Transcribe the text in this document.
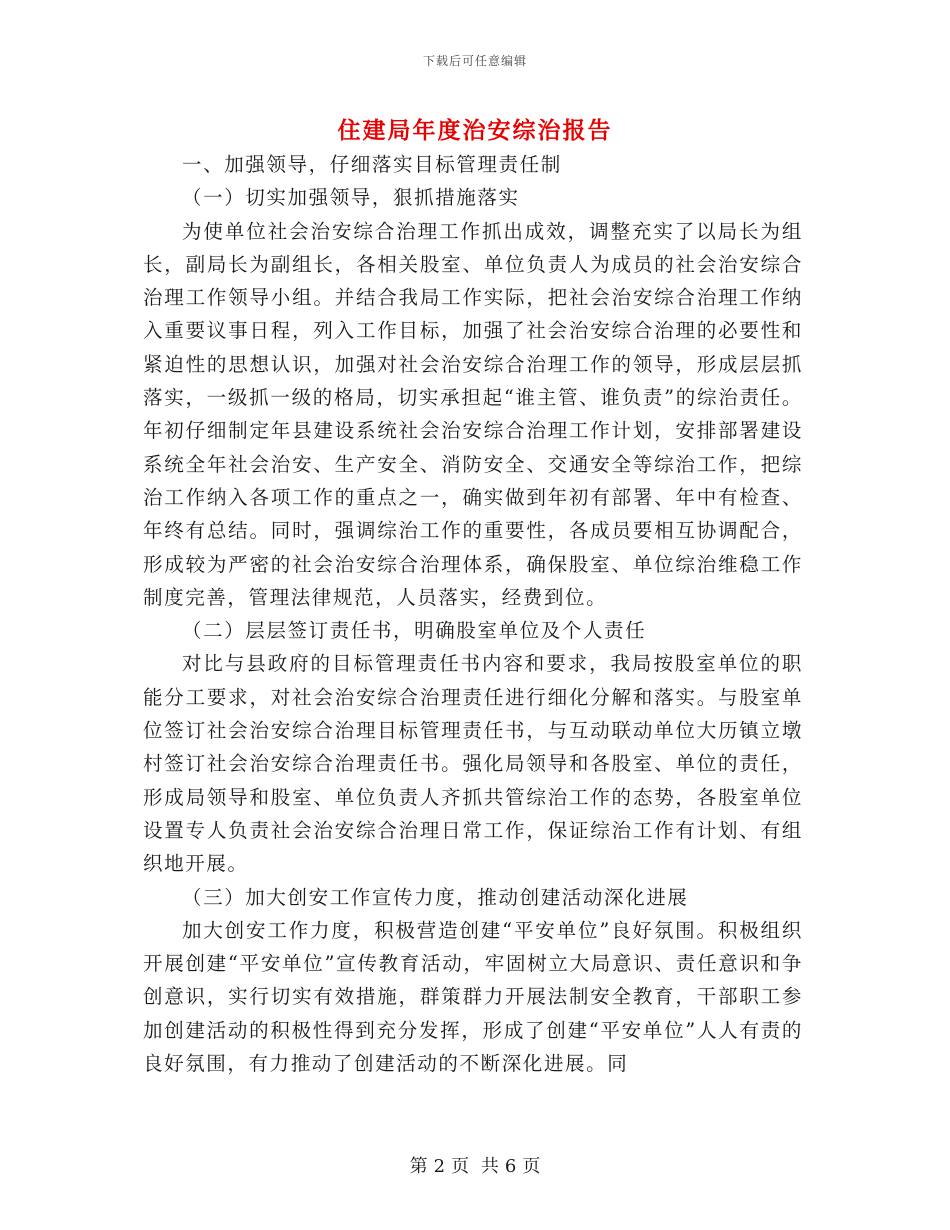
下载后可任意编辑
住建局年度治安综治报告

一、加强领导，仔细落实目标管理责任制

（一）切实加强领导，狠抓措施落实

为使单位社会治安综合治理工作抓出成效，调整充实了以局长为组长，副局长为副组长，各相关股室、单位负责人为成员的社会治安综合治理工作领导小组。并结合我局工作实际，把社会治安综合治理工作纳入重要议事日程，列入工作目标，加强了社会治安综合治理的必要性和紧迫性的思想认识，加强对社会治安综合治理工作的领导，形成层层抓落实，一级抓一级的格局，切实承担起“谁主管、谁负责”的综治责任。年初仔细制定年县建设系统社会治安综合治理工作计划，安排部署建设系统全年社会治安、生产安全、消防安全、交通安全等综治工作，把综治工作纳入各项工作的重点之一，确实做到年初有部署、年中有检查、年终有总结。同时，强调综治工作的重要性，各成员要相互协调配合，形成较为严密的社会治安综合治理体系，确保股室、单位综治维稳工作制度完善，管理法律规范，人员落实，经费到位。

（二）层层签订责任书，明确股室单位及个人责任

对比与县政府的目标管理责任书内容和要求，我局按股室单位的职能分工要求，对社会治安综合治理责任进行细化分解和落实。与股室单位签订社会治安综合治理目标管理责任书，与互动联动单位大历镇立墩村签订社会治安综合治理责任书。强化局领导和各股室、单位的责任，形成局领导和股室、单位负责人齐抓共管综治工作的态势，各股室单位设置专人负责社会治安综合治理日常工作，保证综治工作有计划、有组织地开展。

（三）加大创安工作宣传力度，推动创建活动深化进展

加大创安工作力度，积极营造创建“平安单位”良好氛围。积极组织开展创建“平安单位”宣传教育活动，牢固树立大局意识、责任意识和争创意识，实行切实有效措施，群策群力开展法制安全教育，干部职工参加创建活动的积极性得到充分发挥，形成了创建“平安单位”人人有责的良好氛围，有力推动了创建活动的不断深化进展。同

第 2 页 共 6 页
